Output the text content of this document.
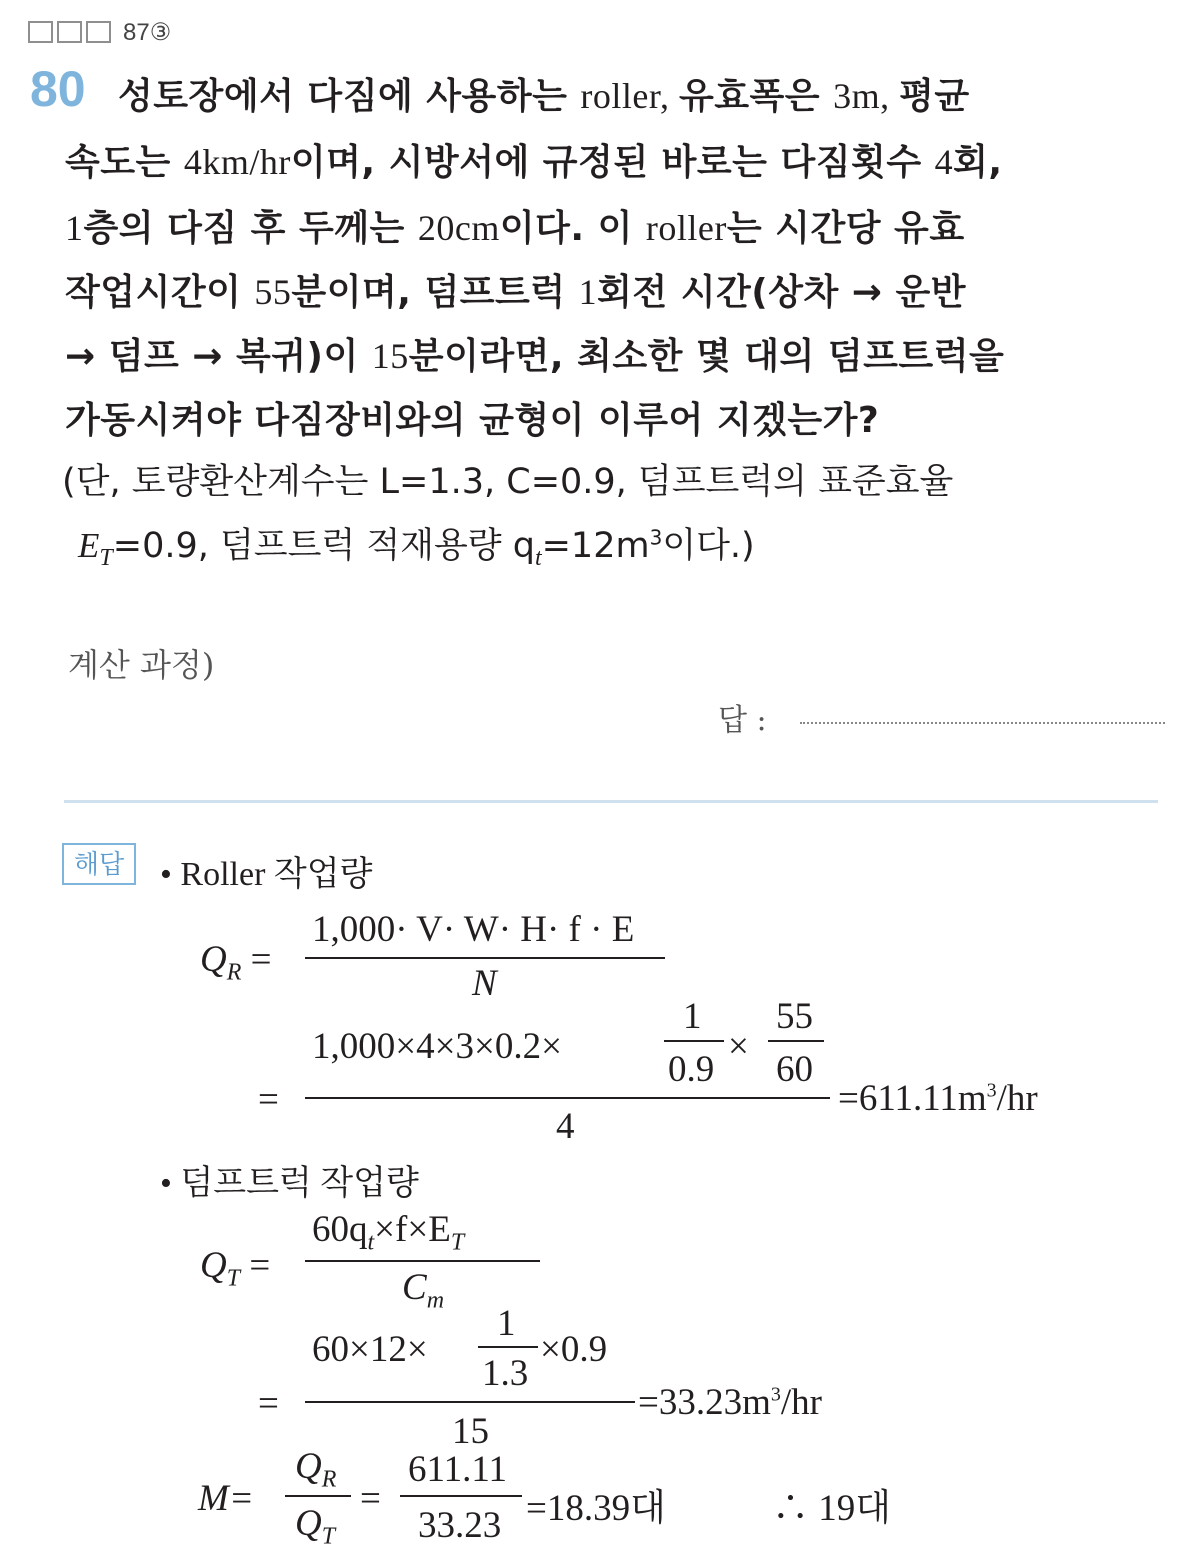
87③
80 성토장에서 다짐에 사용하는 roller, 유효폭은 3m, 평균
속도는 4km/hr이며, 시방서에 규정된 바로는 다짐횟수 4회,
1층의 다짐 후 두께는 20cm이다. 이 roller는 시간당 유효
작업시간이 55분이며, 덤프트럭 1회전 시간(상차 → 운반
→ 덤프 → 복귀)이 15분이라면, 최소한 몇 대의 덤프트럭을
가동시켜야 다짐장비와의 균형이 이루어 지겠는가?
(단, 토량환산계수는 L=1.3, C=0.9, 덤프트럭의 표준효율
$E_T=0.9$, 덤프트럭 적재용량 $q_t=12m^3$이다.)
계산 과정)
답 :
해답	• Roller 작업량
$Q_R$ =
1,000· V· W· H· f · E
N
1,000×4×3×0.2×
1
0.9
×
55
60
=
4
$=611.11m^3/hr$
• 덤프트럭 작업량
$Q_T$ =
$60q_t\times f\times E_T$
$C_m$
60×12×
1
1.3
×0.9
=
15
$=33.23m^3/hr$
M=
$Q_R$
$Q_T$
=
611.11
33.23 =18.39대	∴ 19대
